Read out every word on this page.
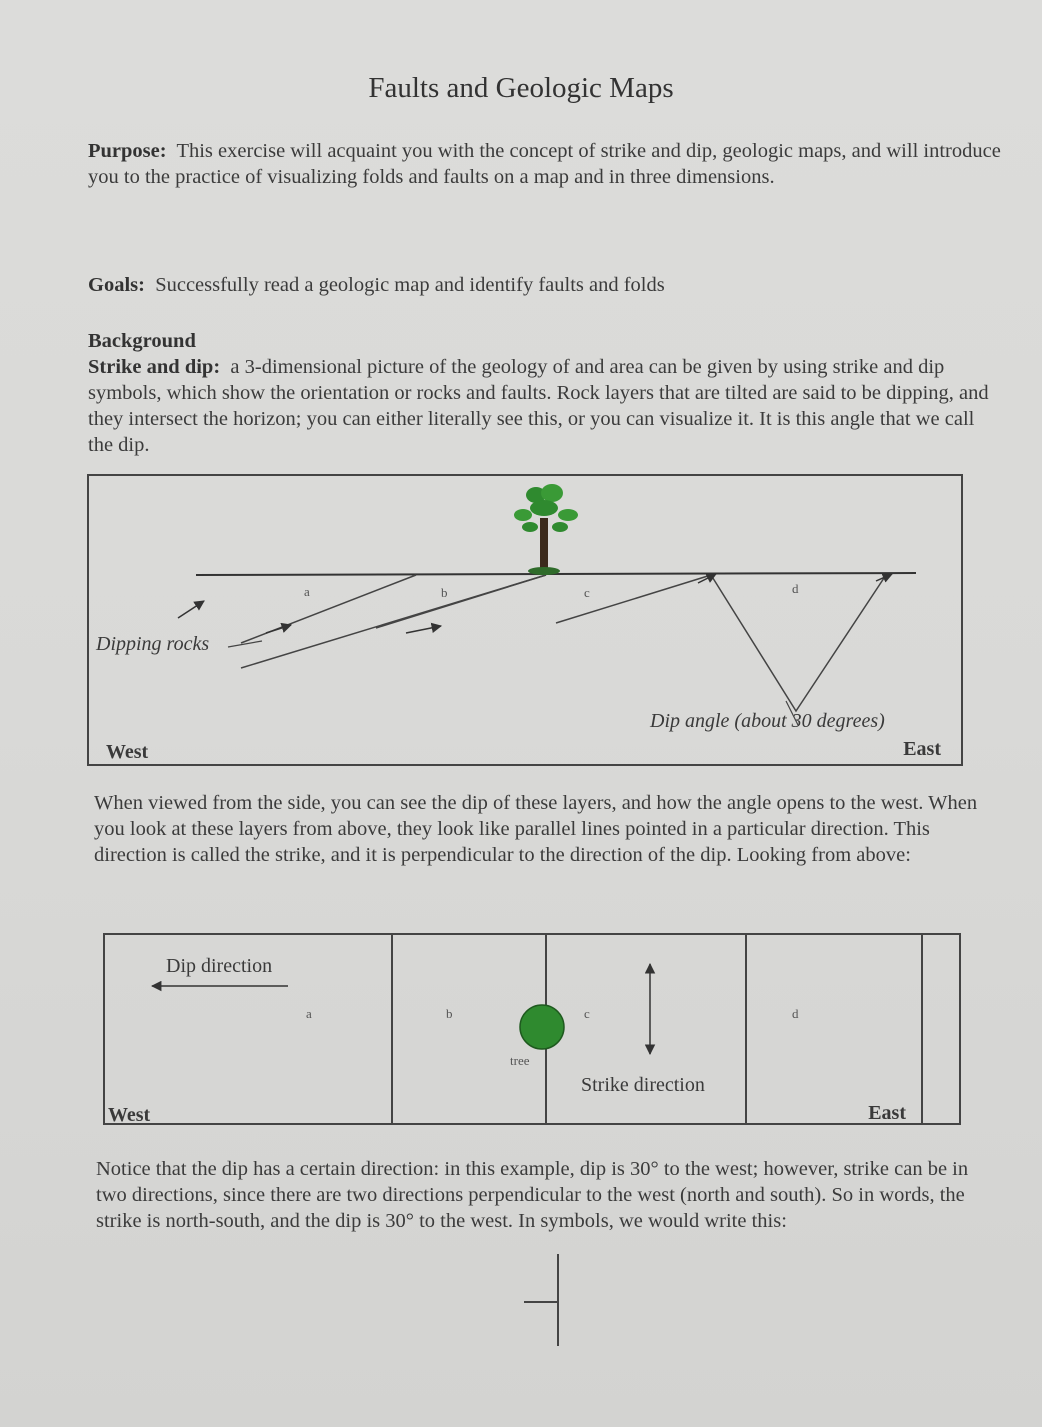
Faults and Geologic Maps
Purpose: This exercise will acquaint you with the concept of strike and dip, geologic maps, and will introduce you to the practice of visualizing folds and faults on a map and in three dimensions.
Goals: Successfully read a geologic map and identify faults and folds
Background
Strike and dip: a 3-dimensional picture of the geology of and area can be given by using strike and dip symbols, which show the orientation or rocks and faults. Rock layers that are tilted are said to be dipping, and they intersect the horizon; you can either literally see this, or you can visualize it. It is this angle that we call the dip.
a	b	c	d
Dipping rocks
Dip angle (about 30 degrees)
West	East
When viewed from the side, you can see the dip of these layers, and how the angle opens to the west. When you look at these layers from above, they look like parallel lines pointed in a particular direction. This direction is called the strike, and it is perpendicular to the direction of the dip. Looking from above:
Dip direction
a	b	c	d
tree
Strike direction
West	East
Notice that the dip has a certain direction: in this example, dip is 30° to the west; however, strike can be in two directions, since there are two directions perpendicular to the west (north and south). So in words, the strike is north-south, and the dip is 30° to the west. In symbols, we would write this:
